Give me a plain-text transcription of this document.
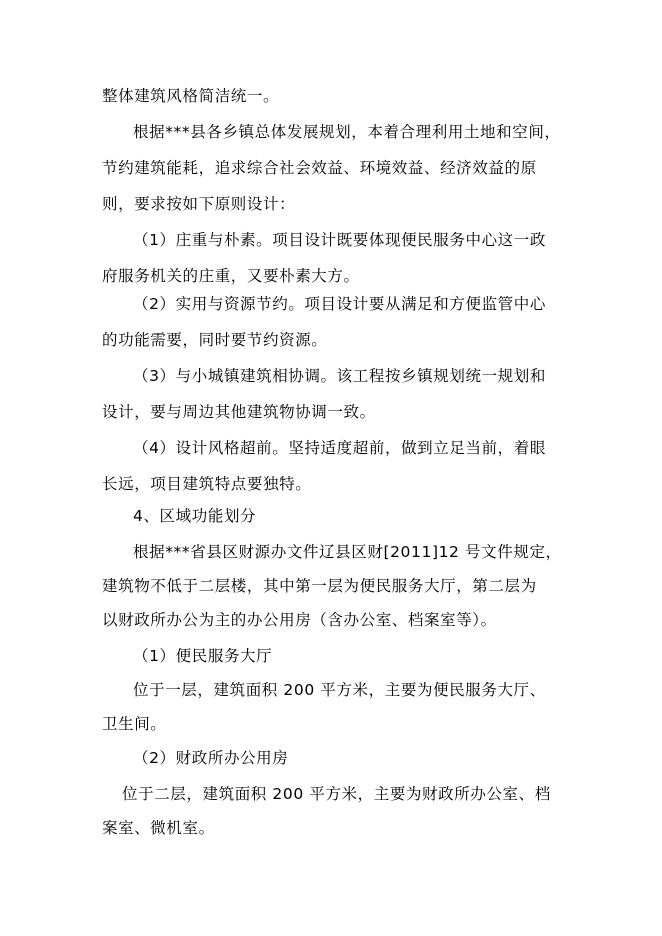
整体建筑风格简洁统一。
根据***县各乡镇总体发展规划，本着合理利用土地和空间，
节约建筑能耗，追求综合社会效益、环境效益、经济效益的原
则，要求按如下原则设计：
（1）庄重与朴素。项目设计既要体现便民服务中心这一政
府服务机关的庄重，又要朴素大方。
（2）实用与资源节约。项目设计要从满足和方便监管中心
的功能需要，同时要节约资源。
（3）与小城镇建筑相协调。该工程按乡镇规划统一规划和
设计，要与周边其他建筑物协调一致。
（4）设计风格超前。坚持适度超前，做到立足当前，着眼
长远，项目建筑特点要独特。
4、区域功能划分
根据***省县区财源办文件辽县区财[2011]12 号文件规定，
建筑物不低于二层楼，其中第一层为便民服务大厅，第二层为
以财政所办公为主的办公用房（含办公室、档案室等）。
（1）便民服务大厅
位于一层，建筑面积 200 平方米，主要为便民服务大厅、
卫生间。
（2）财政所办公用房
位于二层，建筑面积 200 平方米，主要为财政所办公室、档
案室、微机室。
